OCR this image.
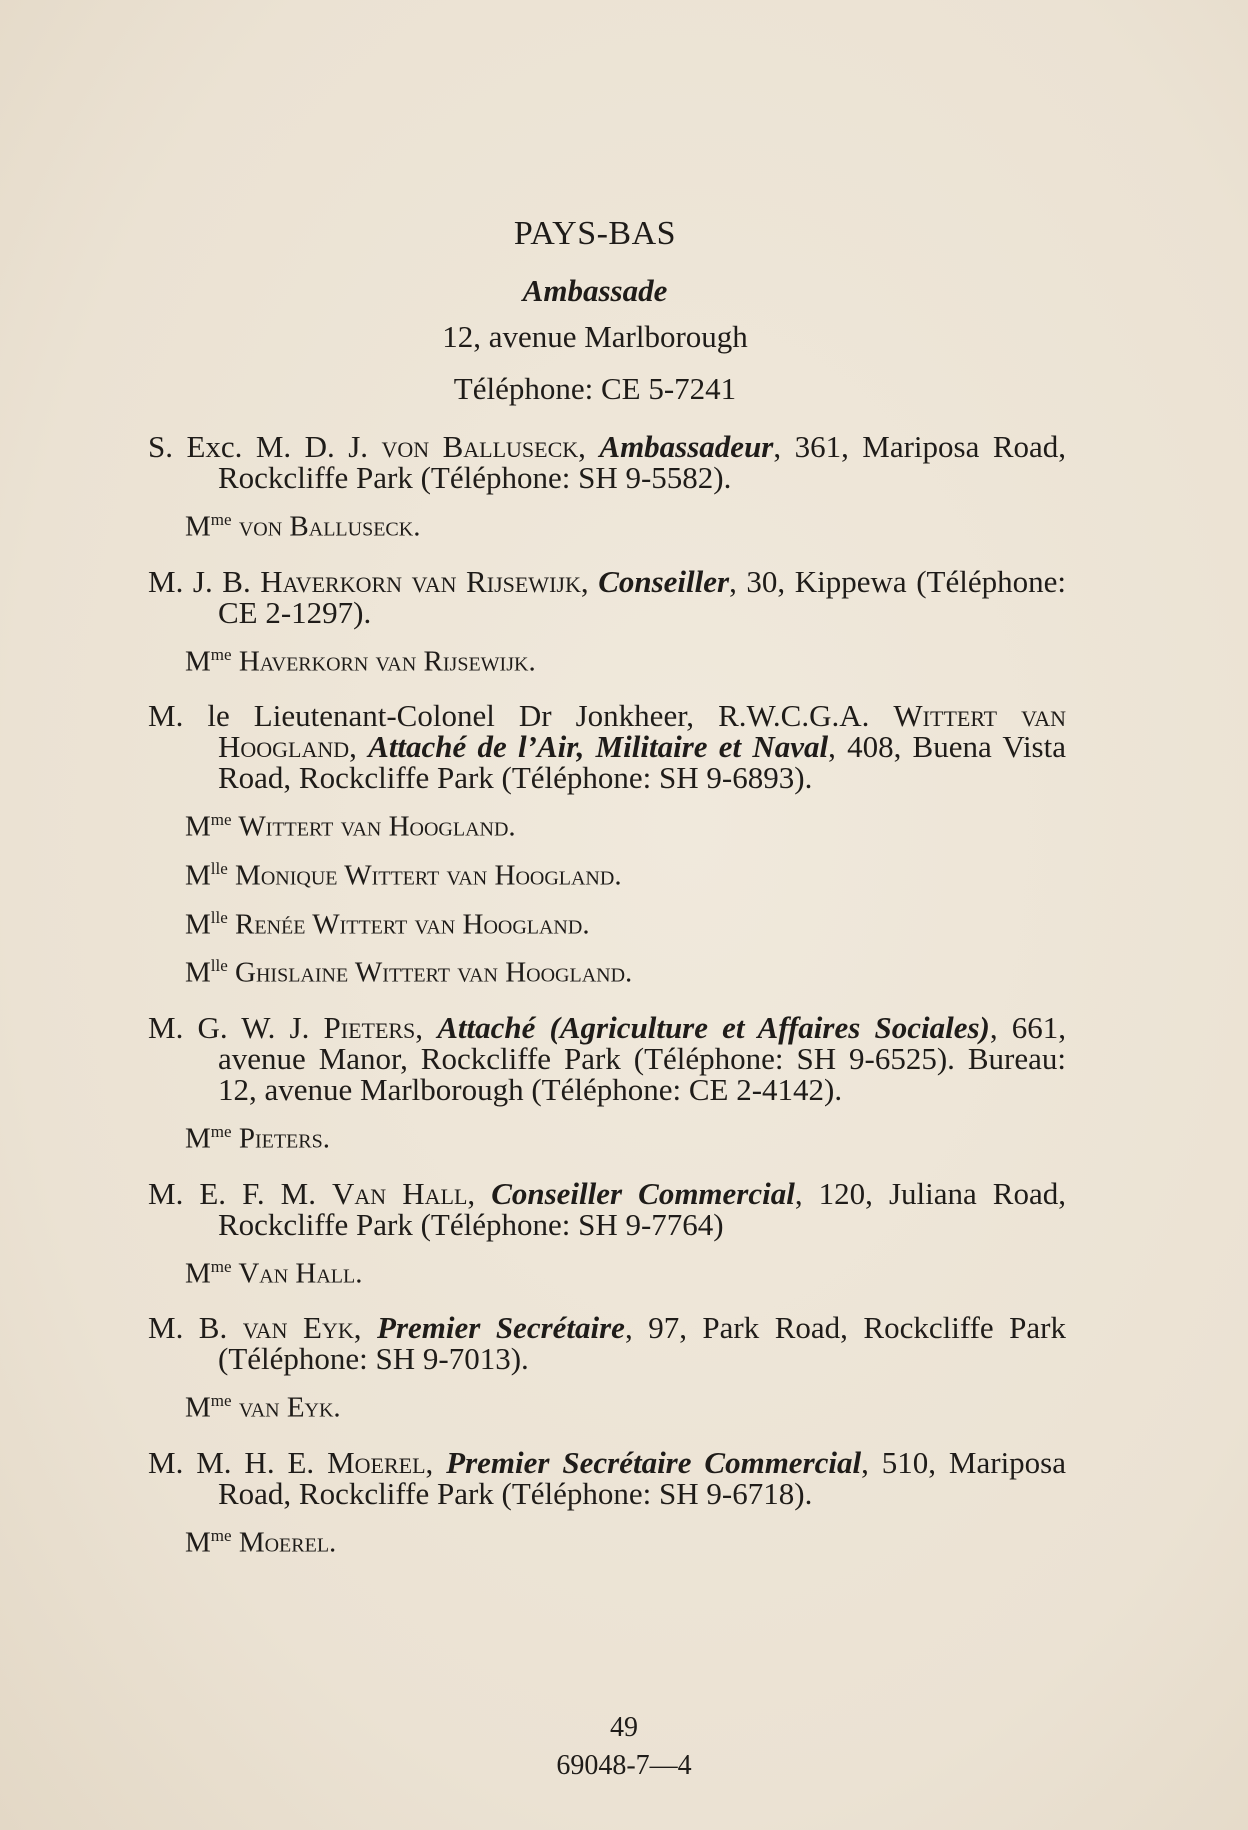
PAYS-BAS
Ambassade
12, avenue Marlborough
Téléphone: CE 5-7241
S. Exc. M. D. J. von Balluseck, Ambassadeur, 361, Mariposa Road, Rockcliffe Park (Téléphone: SH 9-5582).
$M^{me}$ von Balluseck.
M. J. B. Haverkorn van Rijsewijk, Conseiller, 30, Kippewa (Téléphone: CE 2-1297).
$M^{me}$ Haverkorn van Rijsewijk.
M. le Lieutenant-Colonel Dr Jonkheer, R.W.C.G.A. Wittert van Hoogland, Attaché de l’Air, Militaire et Naval, 408, Buena Vista Road, Rockcliffe Park (Téléphone: SH 9-6893).
$M^{me}$ Wittert van Hoogland.
$M^{lle}$ Monique Wittert van Hoogland.
$M^{lle}$ Renée Wittert van Hoogland.
$M^{lle}$ Ghislaine Wittert van Hoogland.
M. G. W. J. Pieters, Attaché (Agriculture et Affaires Sociales), 661, avenue Manor, Rockcliffe Park (Téléphone: SH 9-6525). Bureau: 12, avenue Marlborough (Téléphone: CE 2-4142).
$M^{me}$ Pieters.
M. E. F. M. Van Hall, Conseiller Commercial, 120, Juliana Road, Rockcliffe Park (Téléphone: SH 9-7764)
$M^{me}$ Van Hall.
M. B. van Eyk, Premier Secrétaire, 97, Park Road, Rockcliffe Park (Téléphone: SH 9-7013).
$M^{me}$ van Eyk.
M. M. H. E. Moerel, Premier Secrétaire Commercial, 510, Mariposa Road, Rockcliffe Park (Téléphone: SH 9-6718).
$M^{me}$ Moerel.
49
69048-7—4
